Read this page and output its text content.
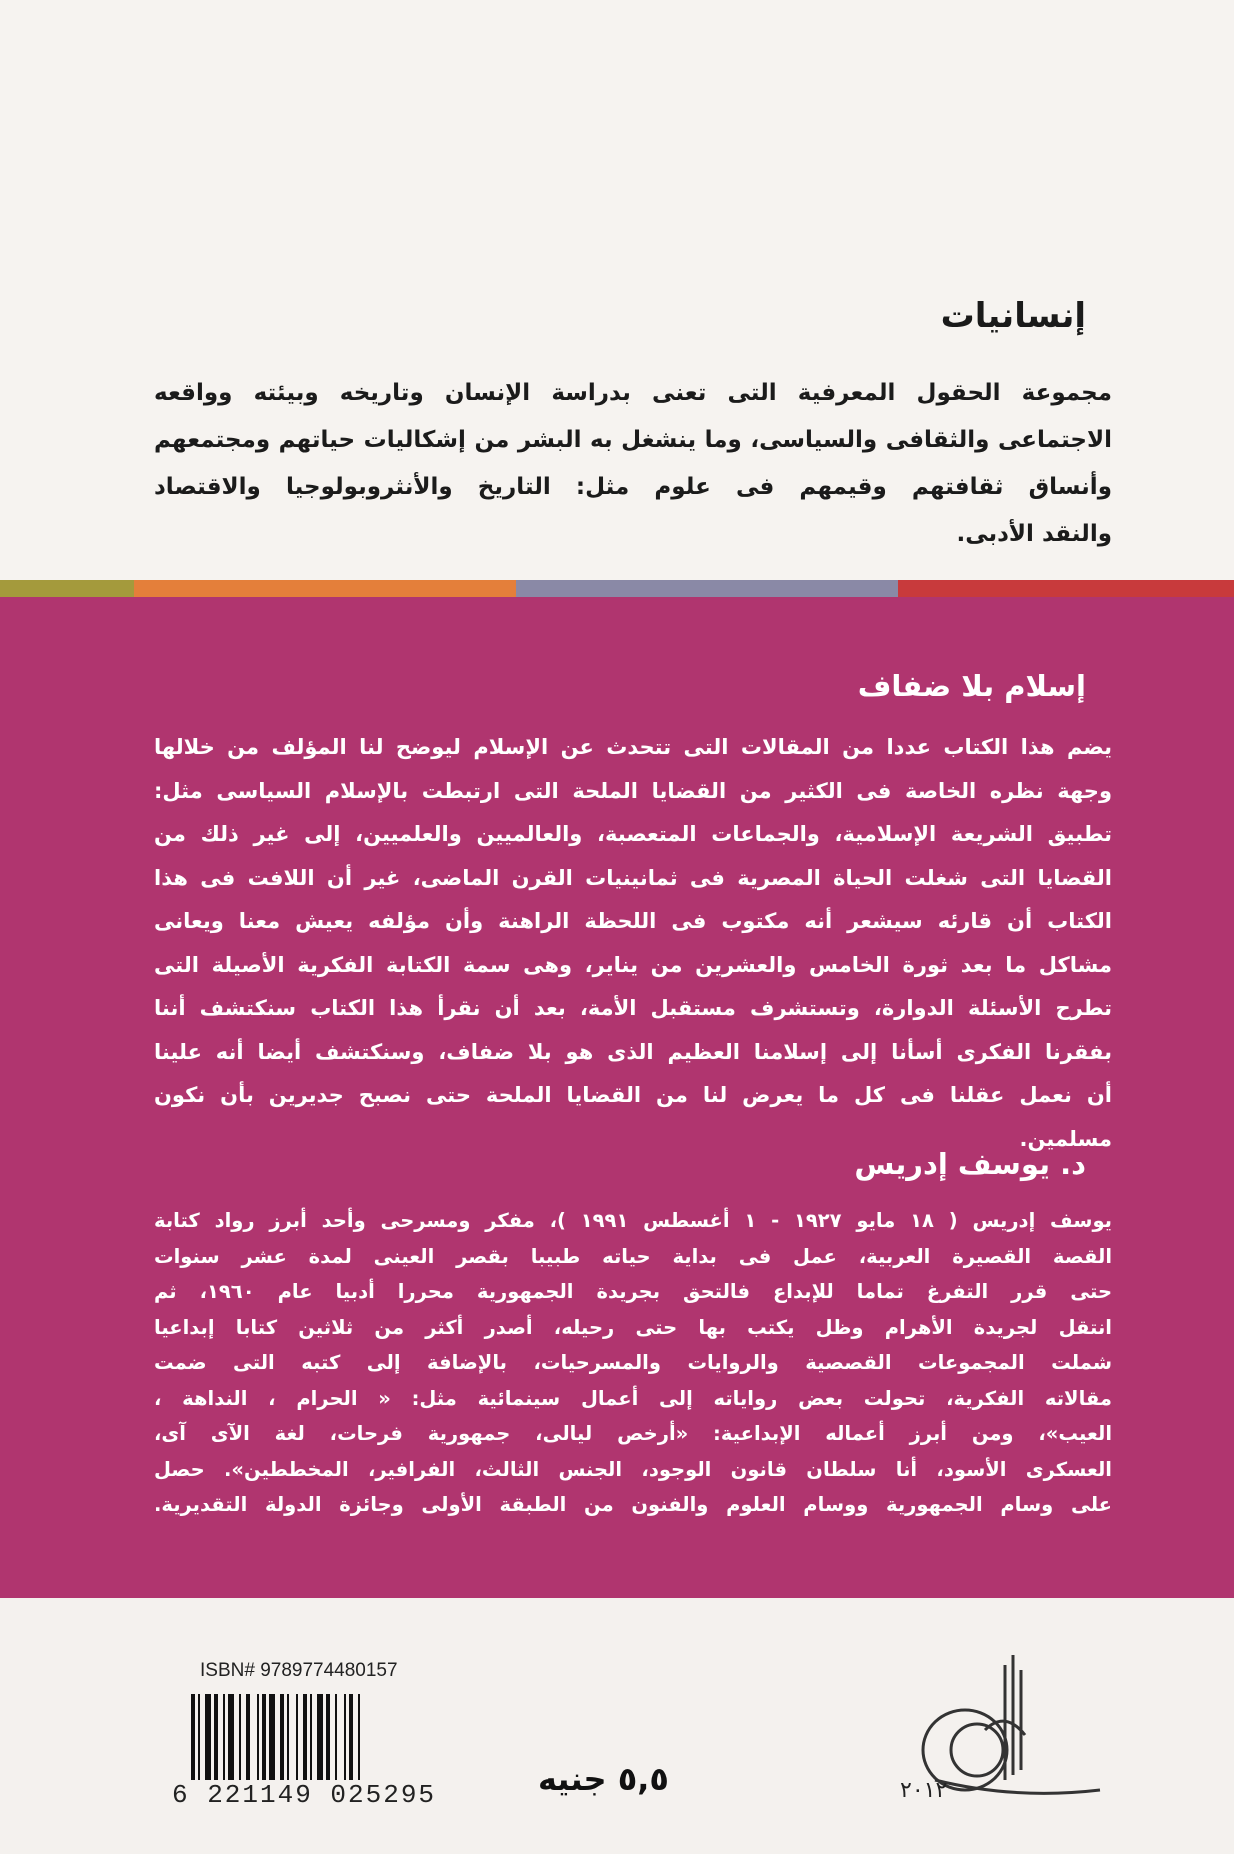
إنسانيات
مجموعة الحقول المعرفية التى تعنى بدراسة الإنسان وتاريخه وبيئته وواقعه
الاجتماعى والثقافى والسياسى، وما ينشغل به البشر من إشكاليات حياتهم ومجتمعهم
وأنساق ثقافتهم وقيمهم فى علوم مثل: التاريخ والأنثروبولوجيا والاقتصاد
والنقد الأدبى.
إسلام بلا ضفاف
د. يوسف إدريس
يضم هذا الكتاب عددا من المقالات التى تتحدث عن الإسلام ليوضح لنا المؤلف من خلالها
وجهة نظره الخاصة فى الكثير من القضايا الملحة التى ارتبطت بالإسلام السياسى مثل:
تطبيق الشريعة الإسلامية، والجماعات المتعصبة، والعالميين والعلميين، إلى غير ذلك من
القضايا التى شغلت الحياة المصرية فى ثمانينيات القرن الماضى، غير أن اللافت فى هذا
الكتاب أن قارئه سيشعر أنه مكتوب فى اللحظة الراهنة وأن مؤلفه يعيش معنا ويعانى
مشاكل ما بعد ثورة الخامس والعشرين من يناير، وهى سمة الكتابة الفكرية الأصيلة التى
تطرح الأسئلة الدوارة، وتستشرف مستقبل الأمة، بعد أن نقرأ هذا الكتاب سنكتشف أننا
بفقرنا الفكرى أسأنا إلى إسلامنا العظيم الذى هو بلا ضفاف، وسنكتشف أيضا أنه علينا
أن نعمل عقلنا فى كل ما يعرض لنا من القضايا الملحة حتى نصبح جديرين بأن نكون
مسلمين.
يوسف إدريس ( ١٨ مايو ١٩٢٧ - ١ أغسطس ١٩٩١ )، مفكر ومسرحى وأحد أبرز رواد كتابة
القصة القصيرة العربية، عمل فى بداية حياته طبيبا بقصر العينى لمدة عشر سنوات
حتى قرر التفرغ تماما للإبداع فالتحق بجريدة الجمهورية محررا أدبيا عام ١٩٦٠، ثم
انتقل لجريدة الأهرام وظل يكتب بها حتى رحيله، أصدر أكثر من ثلاثين كتابا إبداعيا
شملت المجموعات القصصية والروايات والمسرحيات، بالإضافة إلى كتبه التى ضمت
مقالاته الفكرية، تحولت بعض رواياته إلى أعمال سينمائية مثل: « الحرام ، النداهة ،
العيب»، ومن أبرز أعماله الإبداعية: «أرخص ليالى، جمهورية فرحات، لغة الآى آى،
العسكرى الأسود، أنا سلطان قانون الوجود، الجنس الثالث، الفرافير، المخططين». حصل
على وسام الجمهورية ووسام العلوم والفنون من الطبقة الأولى وجائزة الدولة التقديرية.
ISBN# 9789774480157
6 221149 025295	٥,٥ جنيه	٢٠١٢
